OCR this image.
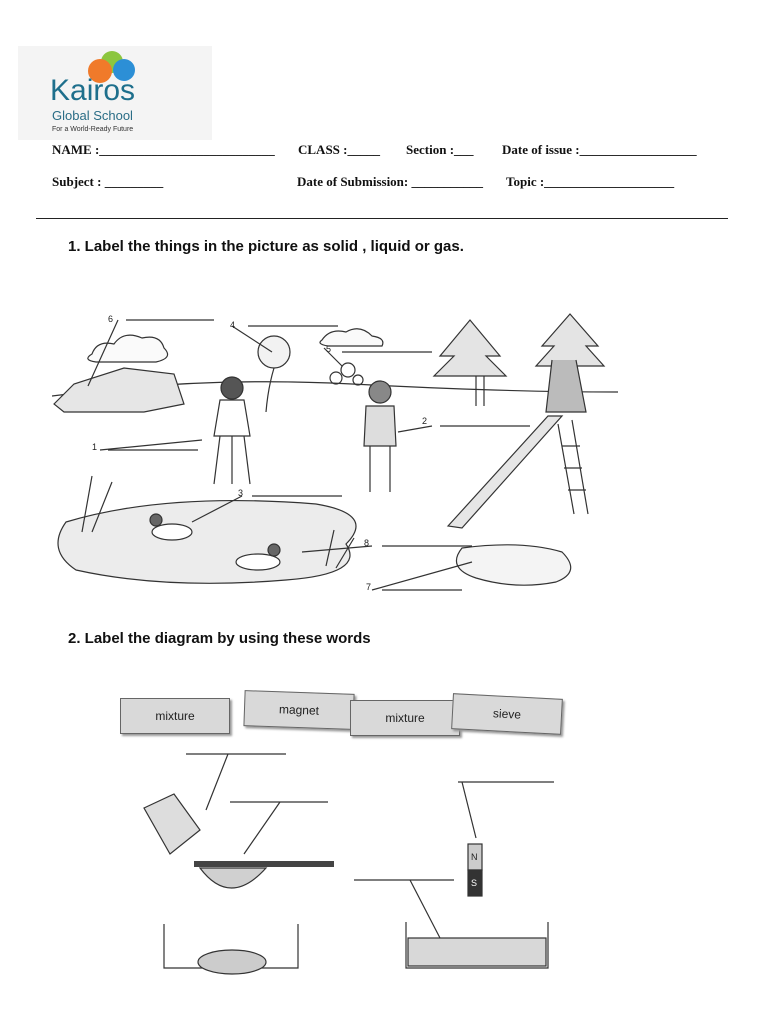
Kairos
Global School
For a World-Ready Future
NAME :___________________________ CLASS :_____ Section :___ Date of issue :__________________
Subject : _________	Date of Submission: ___________ Topic :____________________
1. Label the things in the picture as solid , liquid or gas.
6
4
5
2
1
3
8
7
2. Label the diagram by using these words
mixture	magnet
mixture	sieve
N
S
